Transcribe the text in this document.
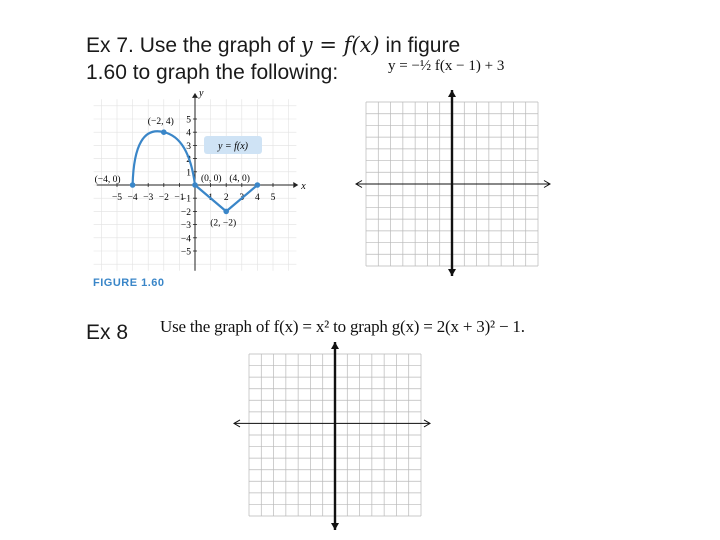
Ex 7. Use the graph of y = f(x) in figure
1.60 to graph the following:	y = −½ f(x − 1) + 3
x
y
−5 −4 −3 −2 −1	1 2 3 4 5
5
4
3
2
1
−1
−2
−3
−4
−5
(−4, 0)
(−2, 4)
(0, 0)
(2, −2)
(4, 0)
y = f(x)
FIGURE 1.60
Ex 8 Use the graph of f(x) = x² to graph g(x) = 2(x + 3)² − 1.
